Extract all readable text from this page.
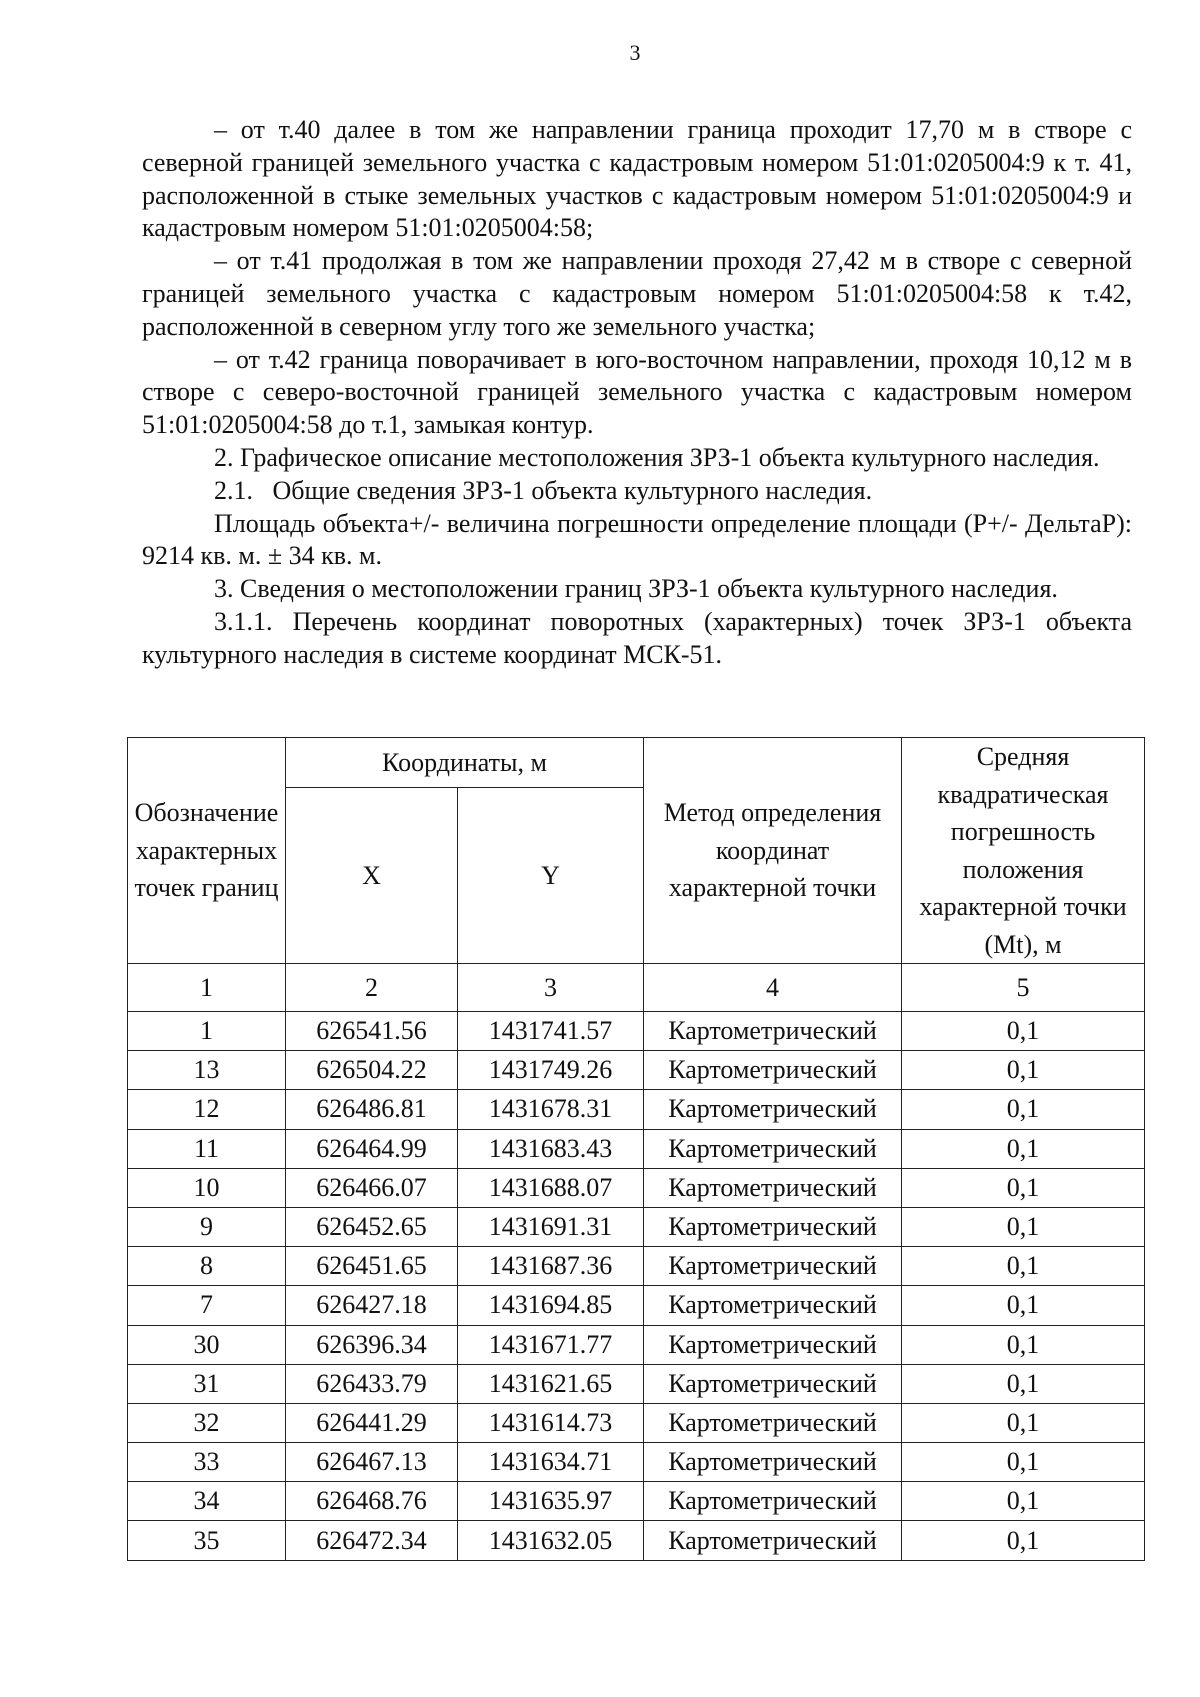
3

– от т.40 далее в том же направлении граница проходит 17,70 м в створе с северной границей земельного участка с кадастровым номером 51:01:0205004:9 к т. 41, расположенной в стыке земельных участков с кадастровым номером 51:01:0205004:9 и кадастровым номером 51:01:0205004:58;

– от т.41 продолжая в том же направлении проходя 27,42 м в створе с северной границей земельного участка с кадастровым номером 51:01:0205004:58 к т.42, расположенной в северном углу того же земельного участка;

– от т.42 граница поворачивает в юго-восточном направлении, проходя 10,12 м в створе с северо-восточной границей земельного участка с кадастровым номером 51:01:0205004:58 до т.1, замыкая контур.

2. Графическое описание местоположения ЗРЗ-1 объекта культурного наследия.

2.1.   Общие сведения ЗРЗ-1 объекта культурного наследия.

Площадь объекта+/- величина погрешности определение площади (P+/- ДельтаP): 9214 кв. м. ± 34 кв. м.

3. Сведения о местоположении границ ЗРЗ-1 объекта культурного наследия.

3.1.1. Перечень координат поворотных (характерных) точек ЗРЗ-1 объекта культурного наследия в системе координат МСК-51.

Обозначение характерных точек границ	Координаты, м		Метод определения координат характерной точки	Средняя квадратическая погрешность положения характерной точки (Mt), м
	X	Y		
1	2	3	4	5
1	626541.56	1431741.57	Картометрический	0,1
13	626504.22	1431749.26	Картометрический	0,1
12	626486.81	1431678.31	Картометрический	0,1
11	626464.99	1431683.43	Картометрический	0,1
10	626466.07	1431688.07	Картометрический	0,1
9	626452.65	1431691.31	Картометрический	0,1
8	626451.65	1431687.36	Картометрический	0,1
7	626427.18	1431694.85	Картометрический	0,1
30	626396.34	1431671.77	Картометрический	0,1
31	626433.79	1431621.65	Картометрический	0,1
32	626441.29	1431614.73	Картометрический	0,1
33	626467.13	1431634.71	Картометрический	0,1
34	626468.76	1431635.97	Картометрический	0,1
35	626472.34	1431632.05	Картометрический	0,1
